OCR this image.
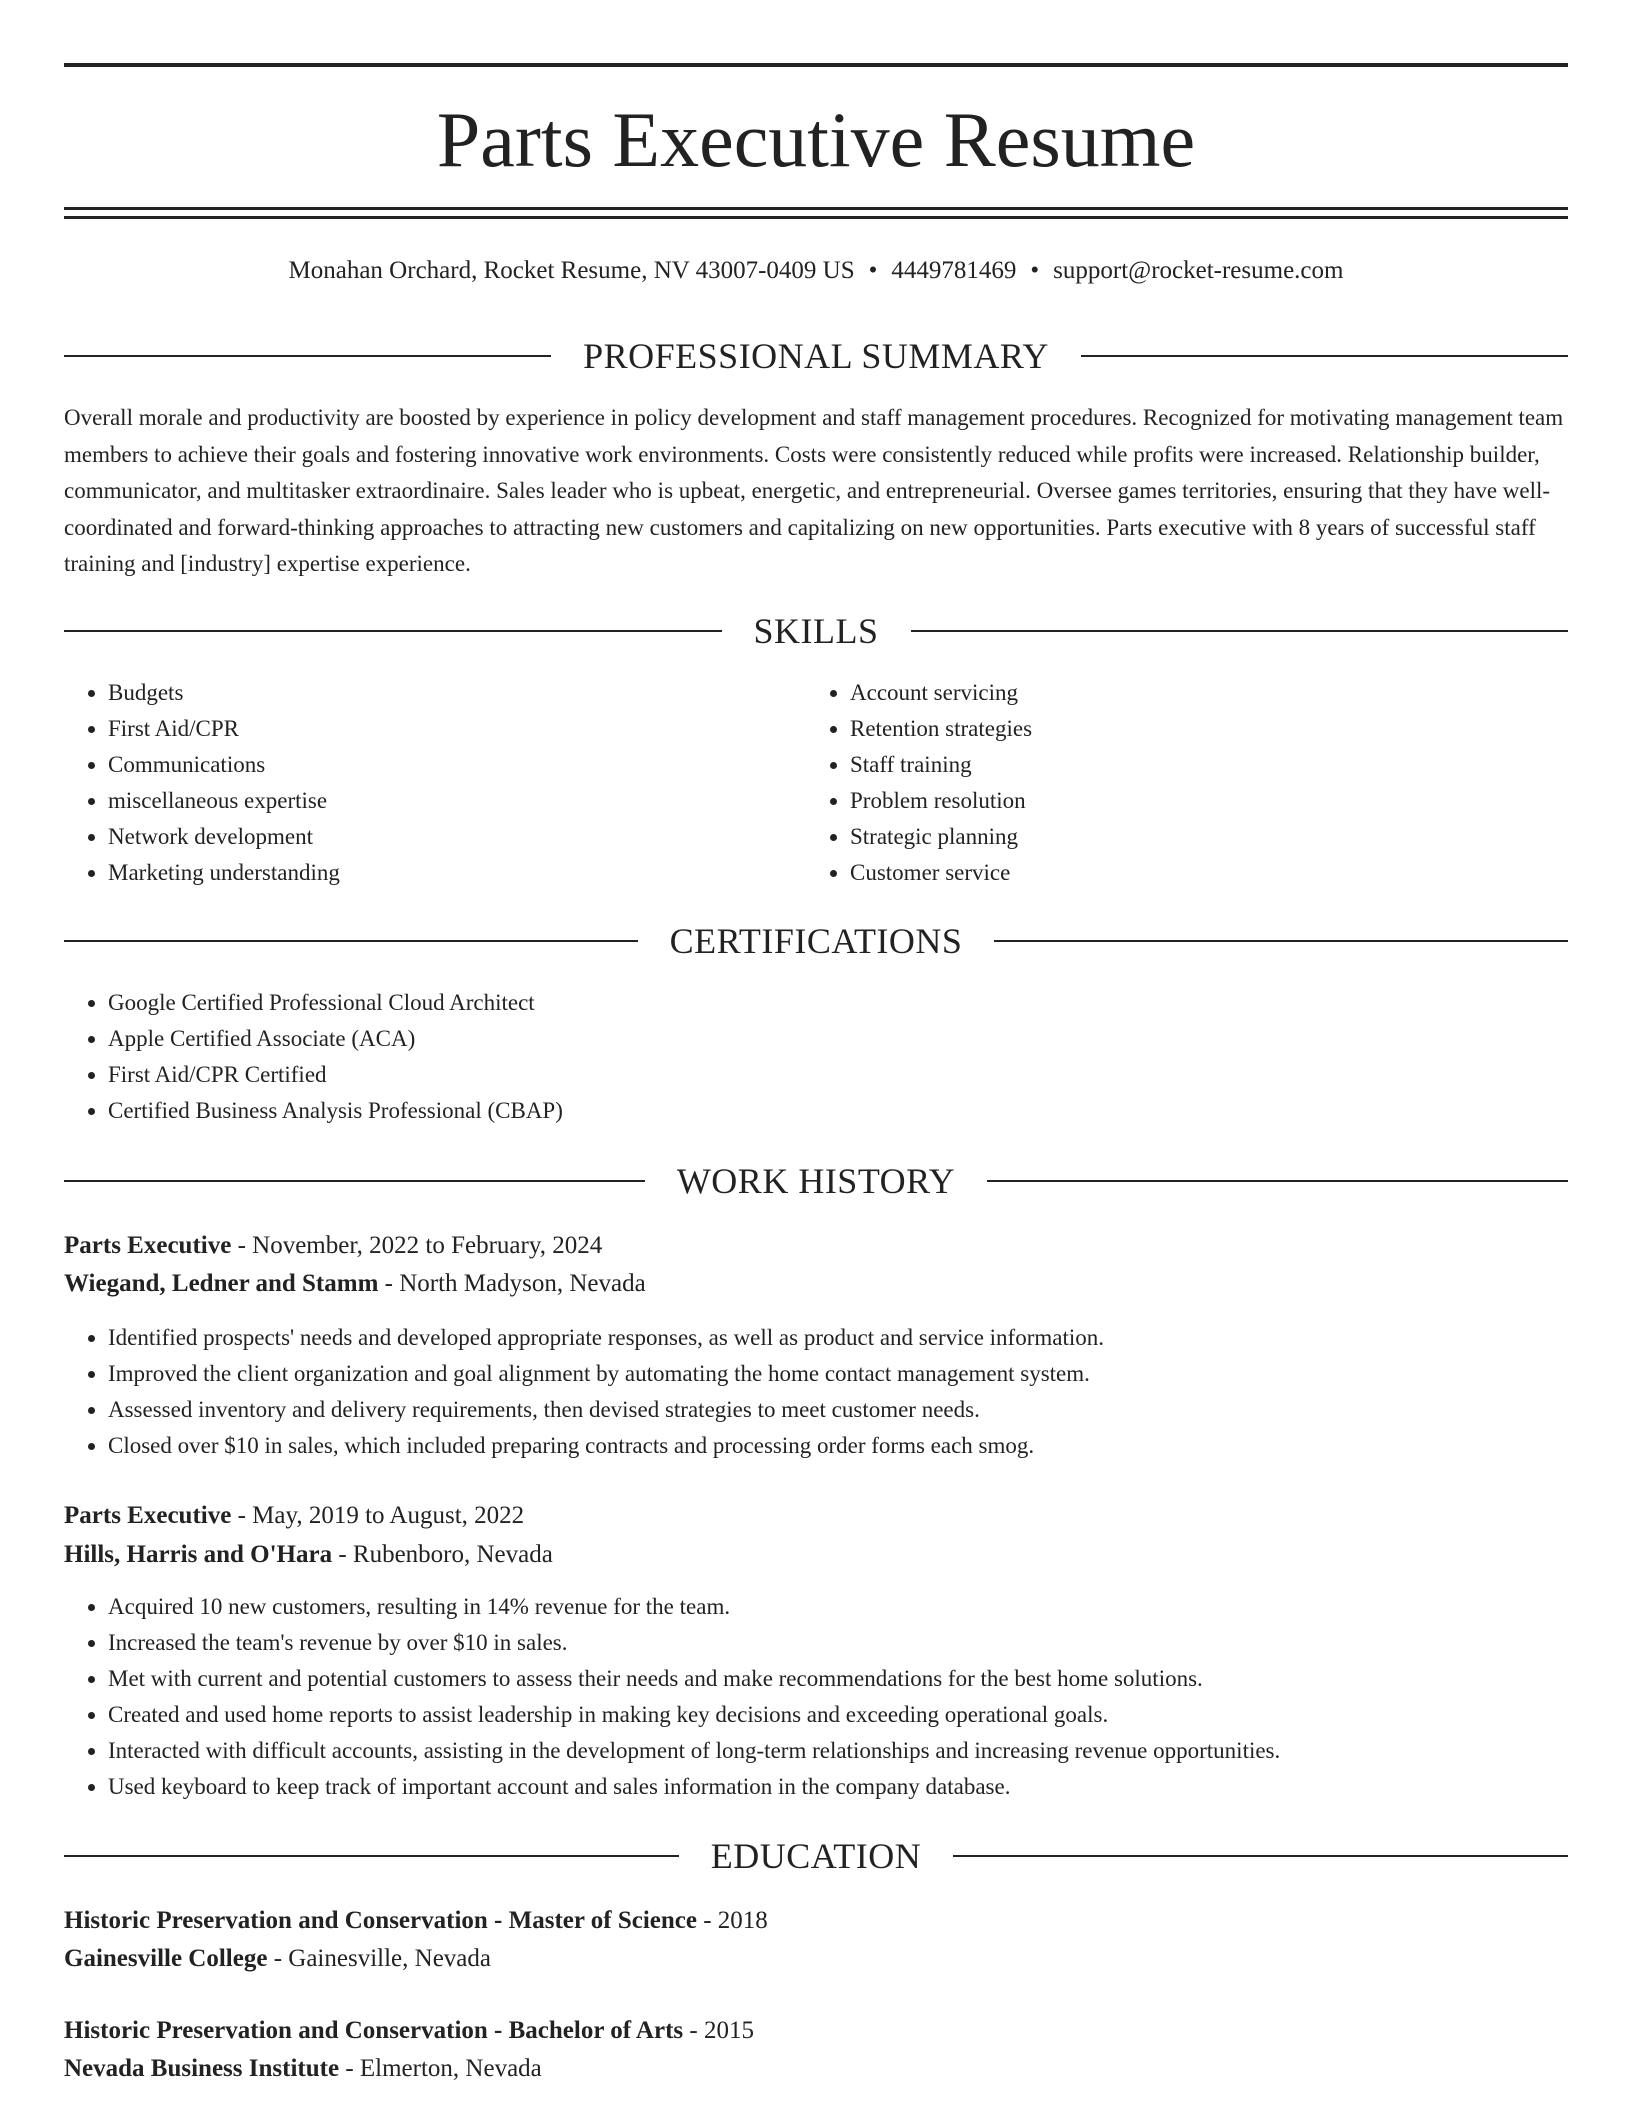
Parts Executive Resume
Monahan Orchard, Rocket Resume, NV 43007-0409 US • 4449781469 • support@rocket-resume.com
PROFESSIONAL SUMMARY

Overall morale and productivity are boosted by experience in policy development and staff management procedures. Recognized for motivating management team members to achieve their goals and fostering innovative work environments. Costs were consistently reduced while profits were increased. Relationship builder, communicator, and multitasker extraordinaire. Sales leader who is upbeat, energetic, and entrepreneurial. Oversee games territories, ensuring that they have well-coordinated and forward-thinking approaches to attracting new customers and capitalizing on new opportunities. Parts executive with 8 years of successful staff training and [industry] expertise experience.

SKILLS
• Budgets
• First Aid/CPR
• Communications
• miscellaneous expertise
• Network development
• Marketing understanding
• Account servicing
• Retention strategies
• Staff training
• Problem resolution
• Strategic planning
• Customer service
CERTIFICATIONS
• Google Certified Professional Cloud Architect
• Apple Certified Associate (ACA)
• First Aid/CPR Certified
• Certified Business Analysis Professional (CBAP)
WORK HISTORY
Parts Executive - November, 2022 to February, 2024
Wiegand, Ledner and Stamm - North Madyson, Nevada
• Identified prospects' needs and developed appropriate responses, as well as product and service information.
• Improved the client organization and goal alignment by automating the home contact management system.
• Assessed inventory and delivery requirements, then devised strategies to meet customer needs.
• Closed over $10 in sales, which included preparing contracts and processing order forms each smog.
Parts Executive - May, 2019 to August, 2022
Hills, Harris and O'Hara - Rubenboro, Nevada
• Acquired 10 new customers, resulting in 14% revenue for the team.
• Increased the team's revenue by over $10 in sales.
• Met with current and potential customers to assess their needs and make recommendations for the best home solutions.
• Created and used home reports to assist leadership in making key decisions and exceeding operational goals.
• Interacted with difficult accounts, assisting in the development of long-term relationships and increasing revenue opportunities.
• Used keyboard to keep track of important account and sales information in the company database.
EDUCATION
Historic Preservation and Conservation - Master of Science - 2018
Gainesville College - Gainesville, Nevada
Historic Preservation and Conservation - Bachelor of Arts - 2015
Nevada Business Institute - Elmerton, Nevada
